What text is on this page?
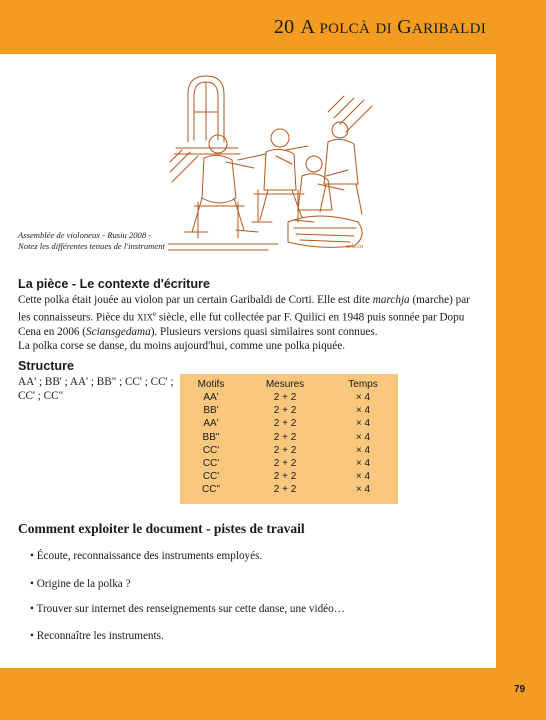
20 A POLCÀ DI GARIBALDI
orlo.cn
Assemblée de violoneux - Rusiu 2008 -
Notez les différentes tenues de l'instrument
La pièce - Le contexte d'écriture

Cette polka était jouée au violon par un certain Garibaldi de Corti. Elle est dite marchja (marche) par

les connaisseurs. Pièce du XIXe siècle, elle fut collectée par F. Quilici en 1948 puis sonnée par Dopu

Cena en 2006 (Sciansgedama). Plusieurs versions quasi similaires sont connues.

La polka corse se danse, du moins aujourd'hui, comme une polka piquée.

Structure
AA' ; BB' ; AA' ; BB" ; CC' ; CC' ;
CC' ; CC"
Motifs	Mesures	Temps
AA'	2 + 2	× 4
BB'	2 + 2	× 4
AA'	2 + 2	× 4
BB"	2 + 2	× 4
CC'	2 + 2	× 4
CC'	2 + 2	× 4
CC'	2 + 2	× 4
CC"	2 + 2	× 4
Comment exploiter le document - pistes de travail
• Écoute, reconnaissance des instruments employés.
• Origine de la polka ?
• Trouver sur internet des renseignements sur cette danse, une vidéo…
• Reconnaître les instruments.
79
